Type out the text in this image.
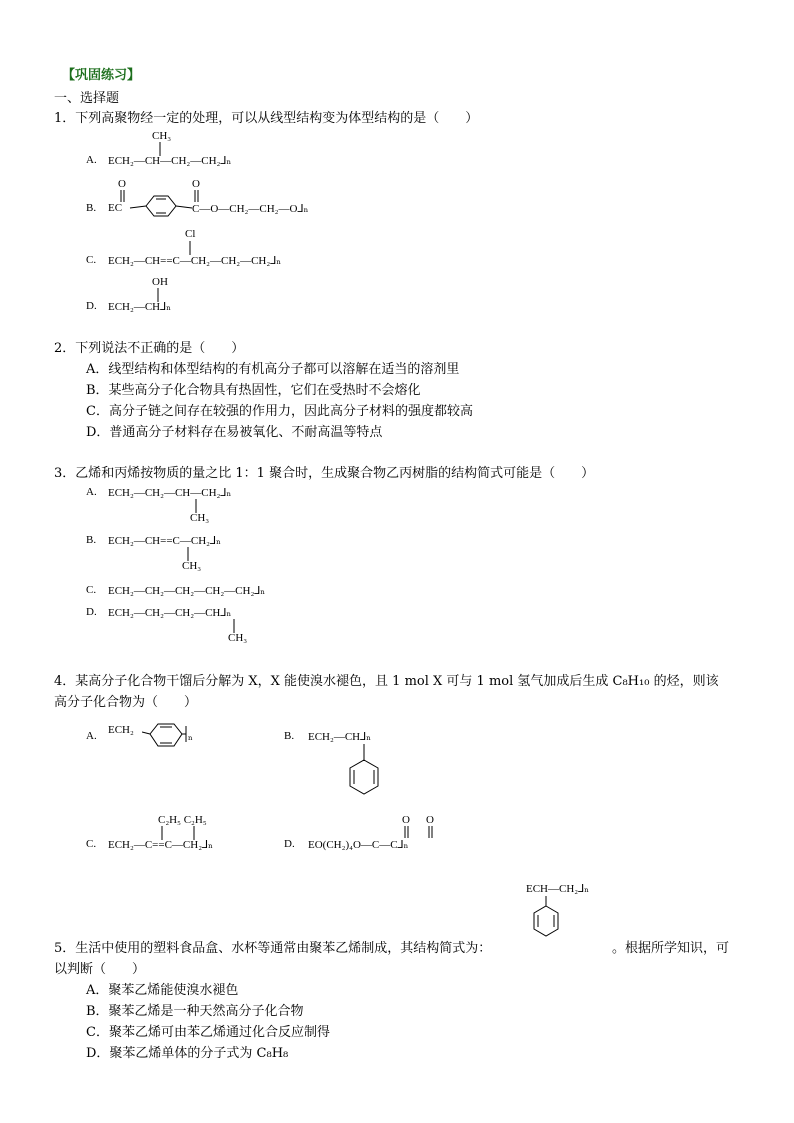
【巩固练习】
一、选择题
1．下列高聚物经一定的处理，可以从线型结构变为体型结构的是（　　）
A.
CH₃
ECH₂—CH—CH₂—CH₂⅃ₙ
B.
O	O
EC	C—O—CH₂—CH₂—O⅃ₙ
C.
Cl
ECH₂—CH==C—CH₂—CH₂—CH₂⅃ₙ
D.
OH
ECH₂—CH⅃ₙ
2．下列说法不正确的是（　　）
A．线型结构和体型结构的有机高分子都可以溶解在适当的溶剂里
B．某些高分子化合物具有热固性，它们在受热时不会熔化
C．高分子链之间存在较强的作用力，因此高分子材料的强度都较高
D．普通高分子材料存在易被氧化、不耐高温等特点
3．乙烯和丙烯按物质的量之比 1：1 聚合时，生成聚合物乙丙树脂的结构简式可能是（　　）
A. ECH₂—CH₂—CH—CH₂⅃ₙ
CH₃
B. ECH₂—CH==C—CH₂⅃ₙ
CH₃
C. ECH₂—CH₂—CH₂—CH₂—CH₂⅃ₙ
D. ECH₂—CH₂—CH₂—CH⅃ₙ
CH₃
4．某高分子化合物干馏后分解为 X，X 能使溴水褪色，且 1 mol X 可与 1 mol 氢气加成后生成 C₈H₁₀ 的烃，则该
高分子化合物为（　　）
A. ECH₂
ₙ	B. ECH₂—CH⅃ₙ
C.
C₂H₅ C₂H₅
ECH₂—C==C—CH₂⅃ₙ	D.
O O
EO(CH₂)₄O—C—C⅃ₙ
ECH—CH₂⅃ₙ
5．生活中使用的塑料食品盒、水杯等通常由聚苯乙烯制成，其结构简式为：	。根据所学知识，可
以判断（　　）
A．聚苯乙烯能使溴水褪色
B．聚苯乙烯是一种天然高分子化合物
C．聚苯乙烯可由苯乙烯通过化合反应制得
D．聚苯乙烯单体的分子式为 C₈H₈
